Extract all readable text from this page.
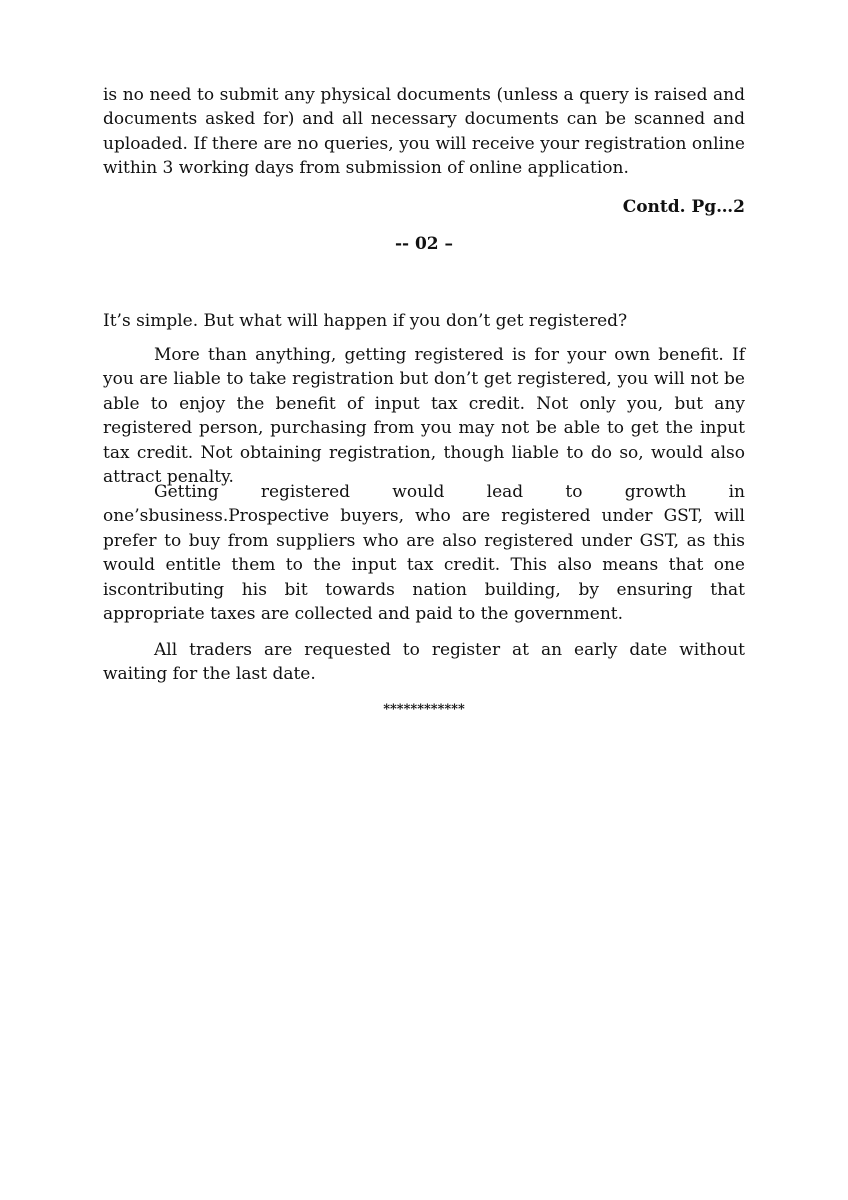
is no need to submit any physical documents (unless a query is raised and documents asked for) and all necessary documents can be scanned and uploaded. If there are no queries, you will receive your registration online within 3 working days from submission of online application.

Contd. Pg…2

-- 02 –

It’s simple. But what will happen if you don’t get registered?

More than anything, getting registered is for your own benefit. If you are liable to take registration but don’t get registered, you will not be able to enjoy the benefit of input tax credit. Not only you, but any registered person, purchasing from you may not be able to get the input tax credit. Not obtaining registration, though liable to do so, would also attract penalty.

Getting registered would lead to growth in one’sbusiness.Prospective buyers, who are registered under GST, will prefer to buy from suppliers who are also registered under GST, as this would entitle them to the input tax credit. This also means that one iscontributing his bit towards nation building, by ensuring that appropriate taxes are collected and paid to the government.

All traders are requested to register at an early date without waiting for the last date.

************
